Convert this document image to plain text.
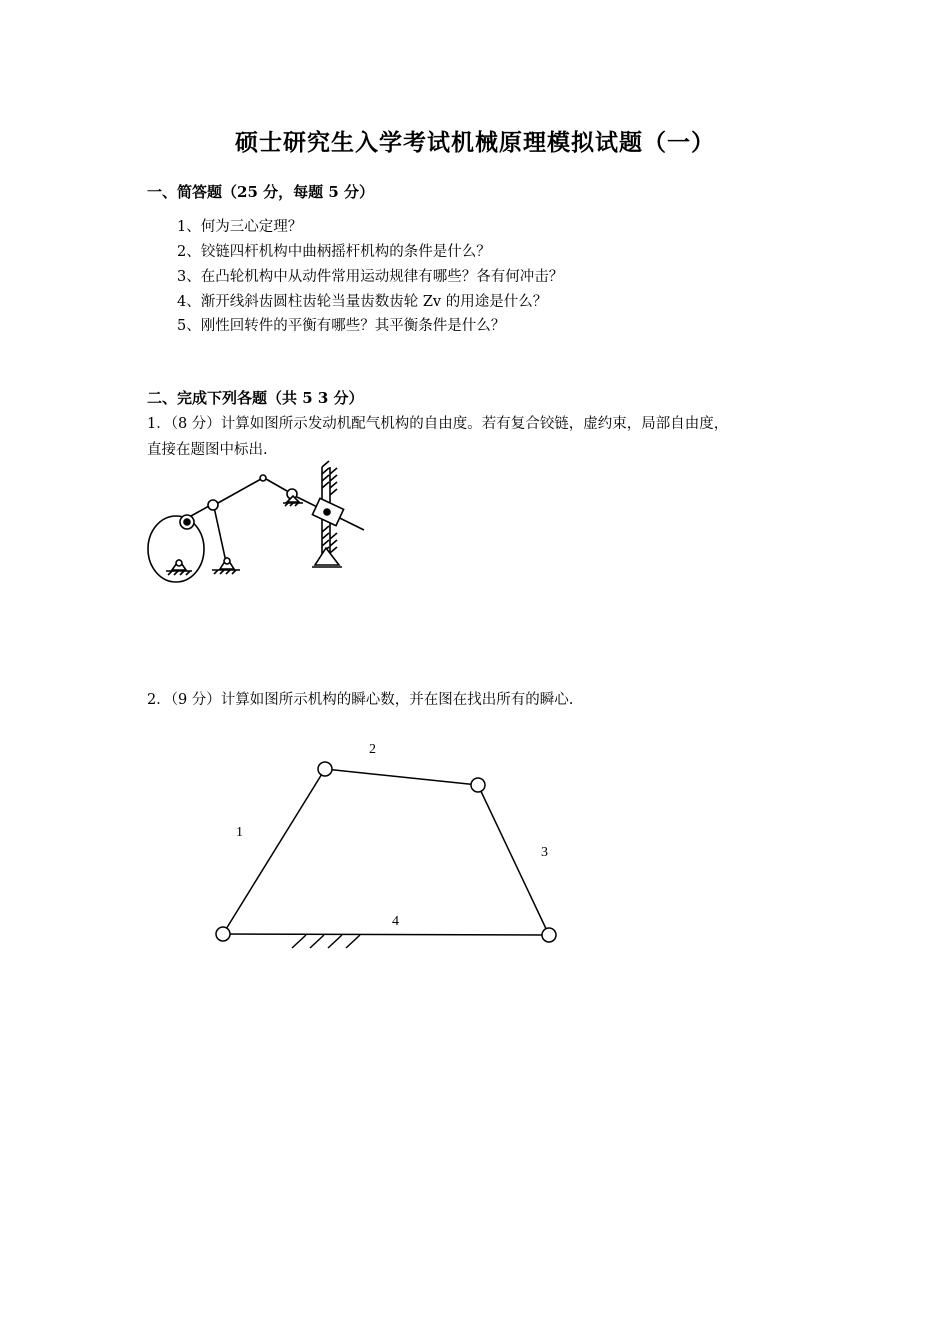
硕士研究生入学考试机械原理模拟试题（一）
一、简答题（25 分，每题 5 分）
1、何为三心定理？
2、铰链四杆机构中曲柄摇杆机构的条件是什么？
3、在凸轮机构中从动件常用运动规律有哪些？各有何冲击？
4、渐开线斜齿圆柱齿轮当量齿数齿轮 Zv 的用途是什么？
5、刚性回转件的平衡有哪些？其平衡条件是什么？
二、完成下列各题（共 5 3 分）
1．（8 分）计算如图所示发动机配气机构的自由度。若有复合铰链，虚约束，局部自由度，
直接在题图中标出.
2．（9 分）计算如图所示机构的瞬心数，并在图在找出所有的瞬心.
1
2
3
4
